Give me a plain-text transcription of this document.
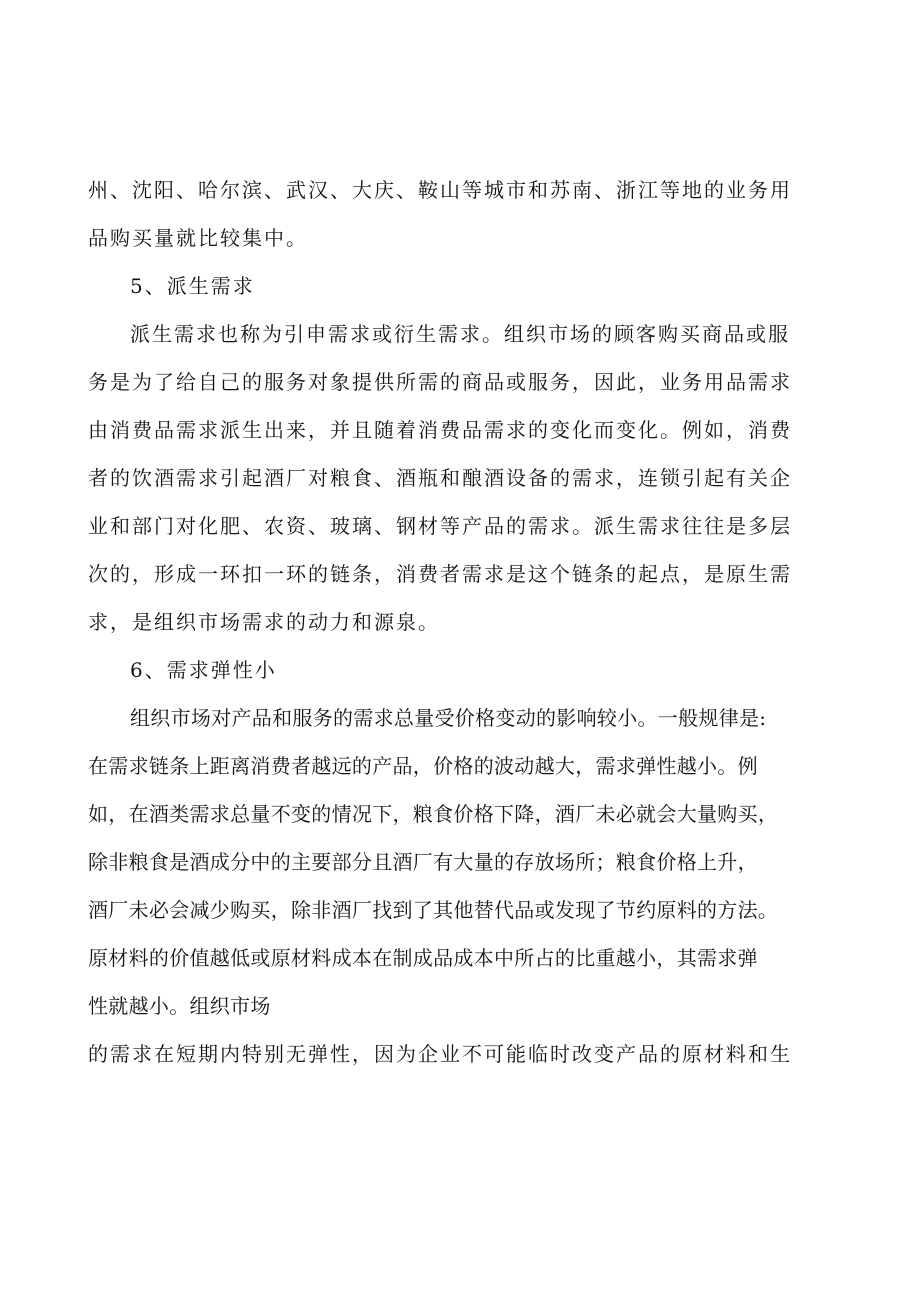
州、沈阳、哈尔滨、武汉、大庆、鞍山等城市和苏南、浙江等地的业务用
品购买量就比较集中。
5、派生需求
派生需求也称为引申需求或衍生需求。组织市场的顾客购买商品或服
务是为了给自己的服务对象提供所需的商品或服务，因此，业务用品需求
由消费品需求派生出来，并且随着消费品需求的变化而变化。例如，消费
者的饮酒需求引起酒厂对粮食、酒瓶和酿酒设备的需求，连锁引起有关企
业和部门对化肥、农资、玻璃、钢材等产品的需求。派生需求往往是多层
次的，形成一环扣一环的链条，消费者需求是这个链条的起点，是原生需
求，是组织市场需求的动力和源泉。
6、需求弹性小
组织市场对产品和服务的需求总量受价格变动的影响较小。一般规律是:
在需求链条上距离消费者越远的产品，价格的波动越大，需求弹性越小。例
如，在酒类需求总量不变的情况下，粮食价格下降，酒厂未必就会大量购买，
除非粮食是酒成分中的主要部分且酒厂有大量的存放场所；粮食价格上升，
酒厂未必会减少购买，除非酒厂找到了其他替代品或发现了节约原料的方法。
原材料的价值越低或原材料成本在制成品成本中所占的比重越小，其需求弹
性就越小。组织市场
的需求在短期内特别无弹性，因为企业不可能临时改变产品的原材料和生
